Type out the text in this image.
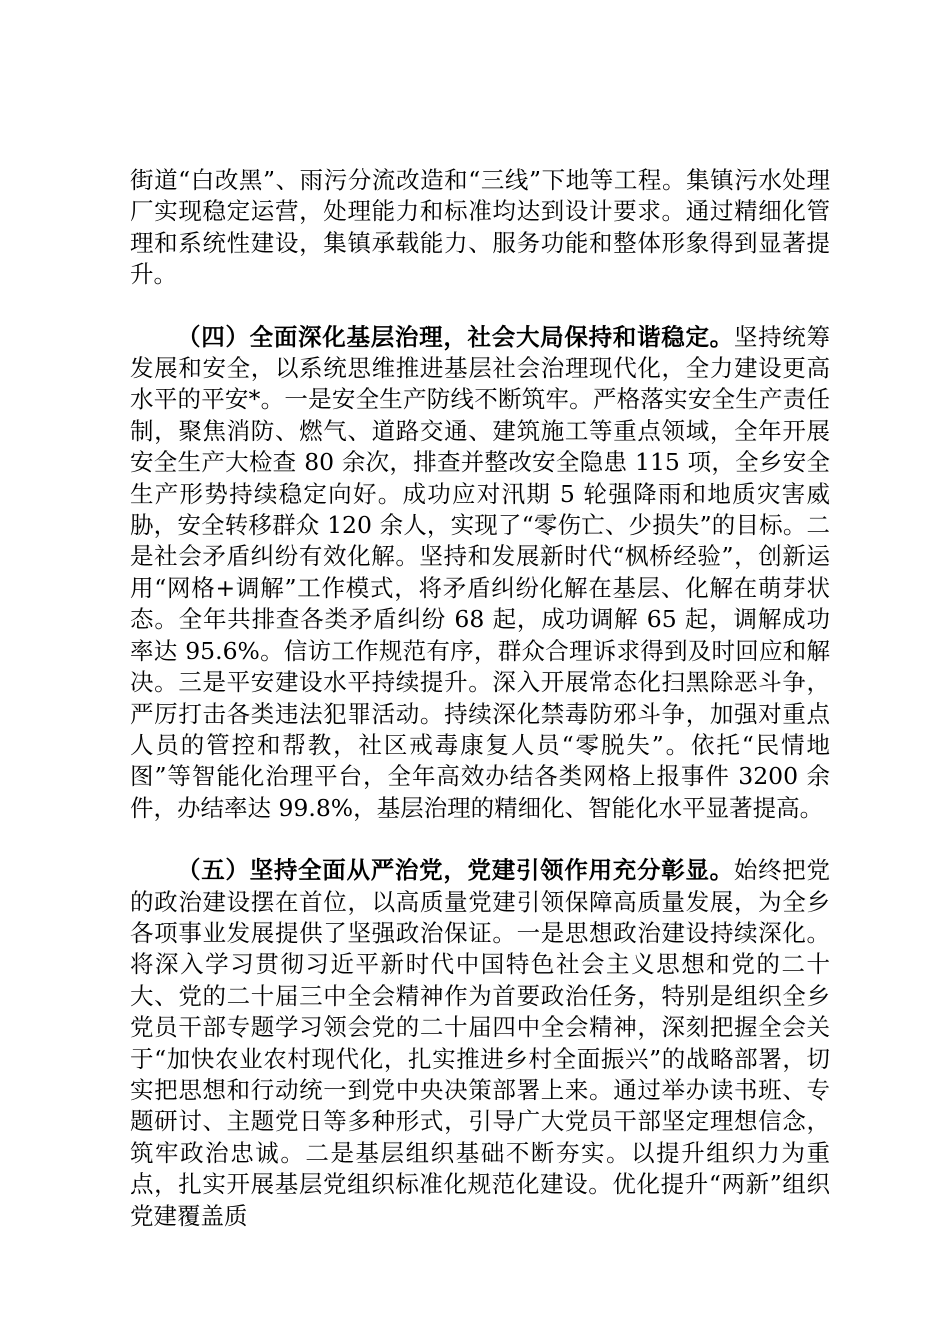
街道“白改黑”、雨污分流改造和“三线”下地等工程。集镇污水处理厂实现稳定运营，处理能力和标准均达到设计要求。通过精细化管理和系统性建设，集镇承载能力、服务功能和整体形象得到显著提升。

（四）全面深化基层治理，社会大局保持和谐稳定。坚持统筹发展和安全，以系统思维推进基层社会治理现代化，全力建设更高水平的平安*。一是安全生产防线不断筑牢。严格落实安全生产责任制，聚焦消防、燃气、道路交通、建筑施工等重点领域，全年开展安全生产大检查 80 余次，排查并整改安全隐患 115 项，全乡安全生产形势持续稳定向好。成功应对汛期 5 轮强降雨和地质灾害威胁，安全转移群众 120 余人，实现了“零伤亡、少损失”的目标。二是社会矛盾纠纷有效化解。坚持和发展新时代“枫桥经验”，创新运用“网格+调解”工作模式，将矛盾纠纷化解在基层、化解在萌芽状态。全年共排查各类矛盾纠纷 68 起，成功调解 65 起，调解成功率达 95.6%。信访工作规范有序，群众合理诉求得到及时回应和解决。三是平安建设水平持续提升。深入开展常态化扫黑除恶斗争，严厉打击各类违法犯罪活动。持续深化禁毒防邪斗争，加强对重点人员的管控和帮教，社区戒毒康复人员“零脱失”。依托“民情地图”等智能化治理平台，全年高效办结各类网格上报事件 3200 余件，办结率达 99.8%，基层治理的精细化、智能化水平显著提高。

（五）坚持全面从严治党，党建引领作用充分彰显。始终把党的政治建设摆在首位，以高质量党建引领保障高质量发展，为全乡各项事业发展提供了坚强政治保证。一是思想政治建设持续深化。将深入学习贯彻习近平新时代中国特色社会主义思想和党的二十大、党的二十届三中全会精神作为首要政治任务，特别是组织全乡党员干部专题学习领会党的二十届四中全会精神，深刻把握全会关于“加快农业农村现代化，扎实推进乡村全面振兴”的战略部署，切实把思想和行动统一到党中央决策部署上来。通过举办读书班、专题研讨、主题党日等多种形式，引导广大党员干部坚定理想信念，筑牢政治忠诚。二是基层组织基础不断夯实。以提升组织力为重点，扎实开展基层党组织标准化规范化建设。优化提升“两新”组织党建覆盖质
